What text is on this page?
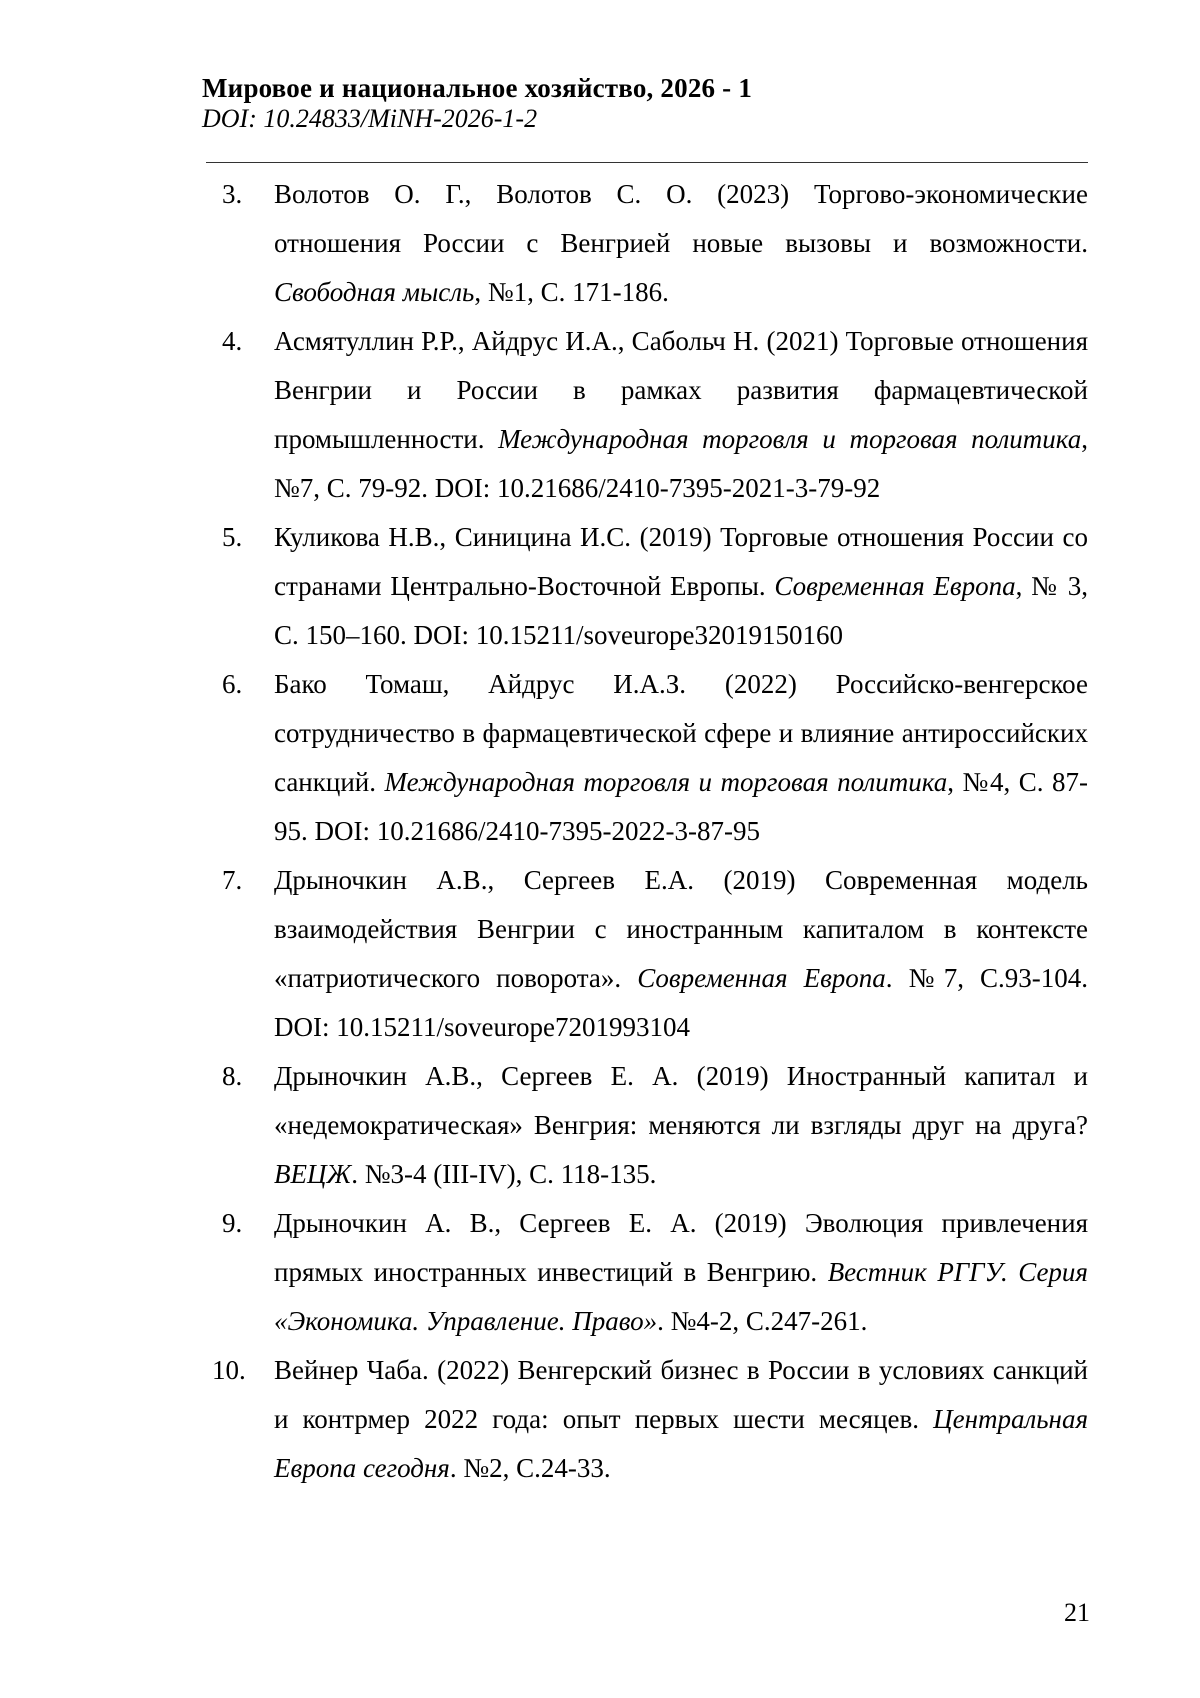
Мировое и национальное хозяйство, 2026 - 1
DOI: 10.24833/MiNH-2026-1-2
3.	Волотов О. Г., Волотов С. О. (2023) Торгово-экономические отношения России с Венгрией новые вызовы и возможности. Свободная мысль, №1, С. 171-186.
4.	Асмятуллин Р.Р., Айдрус И.А., Сабольч Н. (2021) Торговые отношения Венгрии и России в рамках развития фармацевтической промышленности. Международная торговля и торговая политика, №7, С. 79-92. DOI: 10.21686/2410-7395-2021-3-79-92
5.	Куликова Н.В., Синицина И.С. (2019) Торговые отношения России со странами Центрально-Восточной Европы. Современная Европа, № 3, С. 150–160. DOI: 10.15211/soveurope32019150160
6.	Бако Томаш, Айдрус И.А.З. (2022) Российско-венгерское сотрудничество в фармацевтической сфере и влияние антироссийских санкций. Международная торговля и торговая политика, №4, С. 87-95. DOI: 10.21686/2410-7395-2022-3-87-95
7.	Дрыночкин А.В., Сергеев Е.А. (2019) Современная модель взаимодействия Венгрии с иностранным капиталом в контексте «патриотического поворота». Современная Европа. №7, С.93-104. DOI: 10.15211/soveurope7201993104
8.	Дрыночкин А.В., Сергеев Е. А. (2019) Иностранный капитал и «недемократическая» Венгрия: меняются ли взгляды друг на друга? ВЕЦЖ. №3-4 (III-IV), С. 118-135.
9.	Дрыночкин А. В., Сергеев Е. А. (2019) Эволюция привлечения прямых иностранных инвестиций в Венгрию. Вестник РГГУ. Серия «Экономика. Управление. Право». №4-2, С.247-261.
10.	Вейнер Чаба. (2022) Венгерский бизнес в России в условиях санкций и контрмер 2022 года: опыт первых шести месяцев. Центральная Европа сегодня. №2, С.24-33.
21
